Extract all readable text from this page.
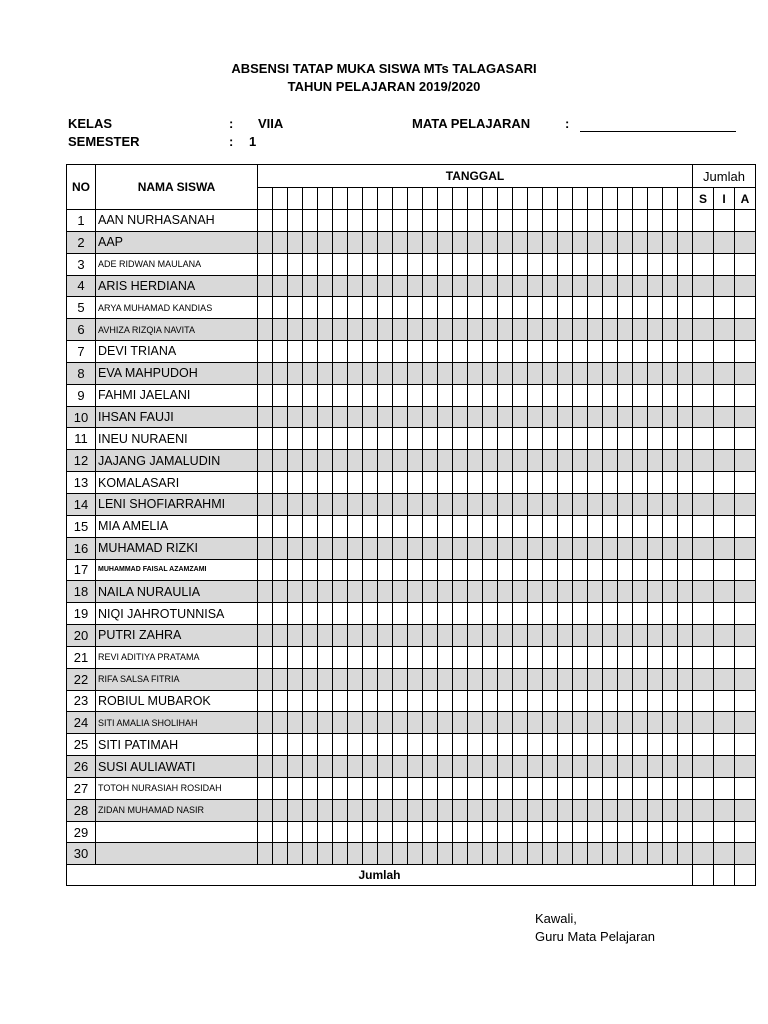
ABSENSI TATAP MUKA SISWA MTs TALAGASARI
TAHUN PELAJARAN 2019/2020
KELAS	: VIIA
SEMESTER	: 1
MATA PELAJARAN	:
NO	NAMA SISWA	TANGGAL																													Jumlah		
																															S	I	A
1	AAN NURHASANAH																																
2	AAP																																
3	ADE RIDWAN MAULANA																																
4	ARIS HERDIANA																																
5	ARYA MUHAMAD KANDIAS																																
6	AVHIZA RIZQIA NAVITA																																
7	DEVI TRIANA																																
8	EVA MAHPUDOH																																
9	FAHMI JAELANI																																
10	IHSAN FAUJI																																
11	INEU NURAENI																																
12	JAJANG JAMALUDIN																																
13	KOMALASARI																																
14	LENI SHOFIARRAHMI																																
15	MIA AMELIA																																
16	MUHAMAD RIZKI																																
17	MUHAMMAD FAISAL AZAMZAMI																																
18	NAILA NURAULIA																																
19	NIQI JAHROTUNNISA																																
20	PUTRI ZAHRA																																
21	REVI ADITIYA PRATAMA																																
22	RIFA SALSA FITRIA																																
23	ROBIUL MUBAROK																																
24	SITI AMALIA SHOLIHAH																																
25	SITI PATIMAH																																
26	SUSI AULIAWATI																																
27	TOTOH NURASIAH ROSIDAH																																
28	ZIDAN MUHAMAD NASIR																																
29																																	
30																																	
Jumlah																																	
Kawali,
Guru Mata Pelajaran
